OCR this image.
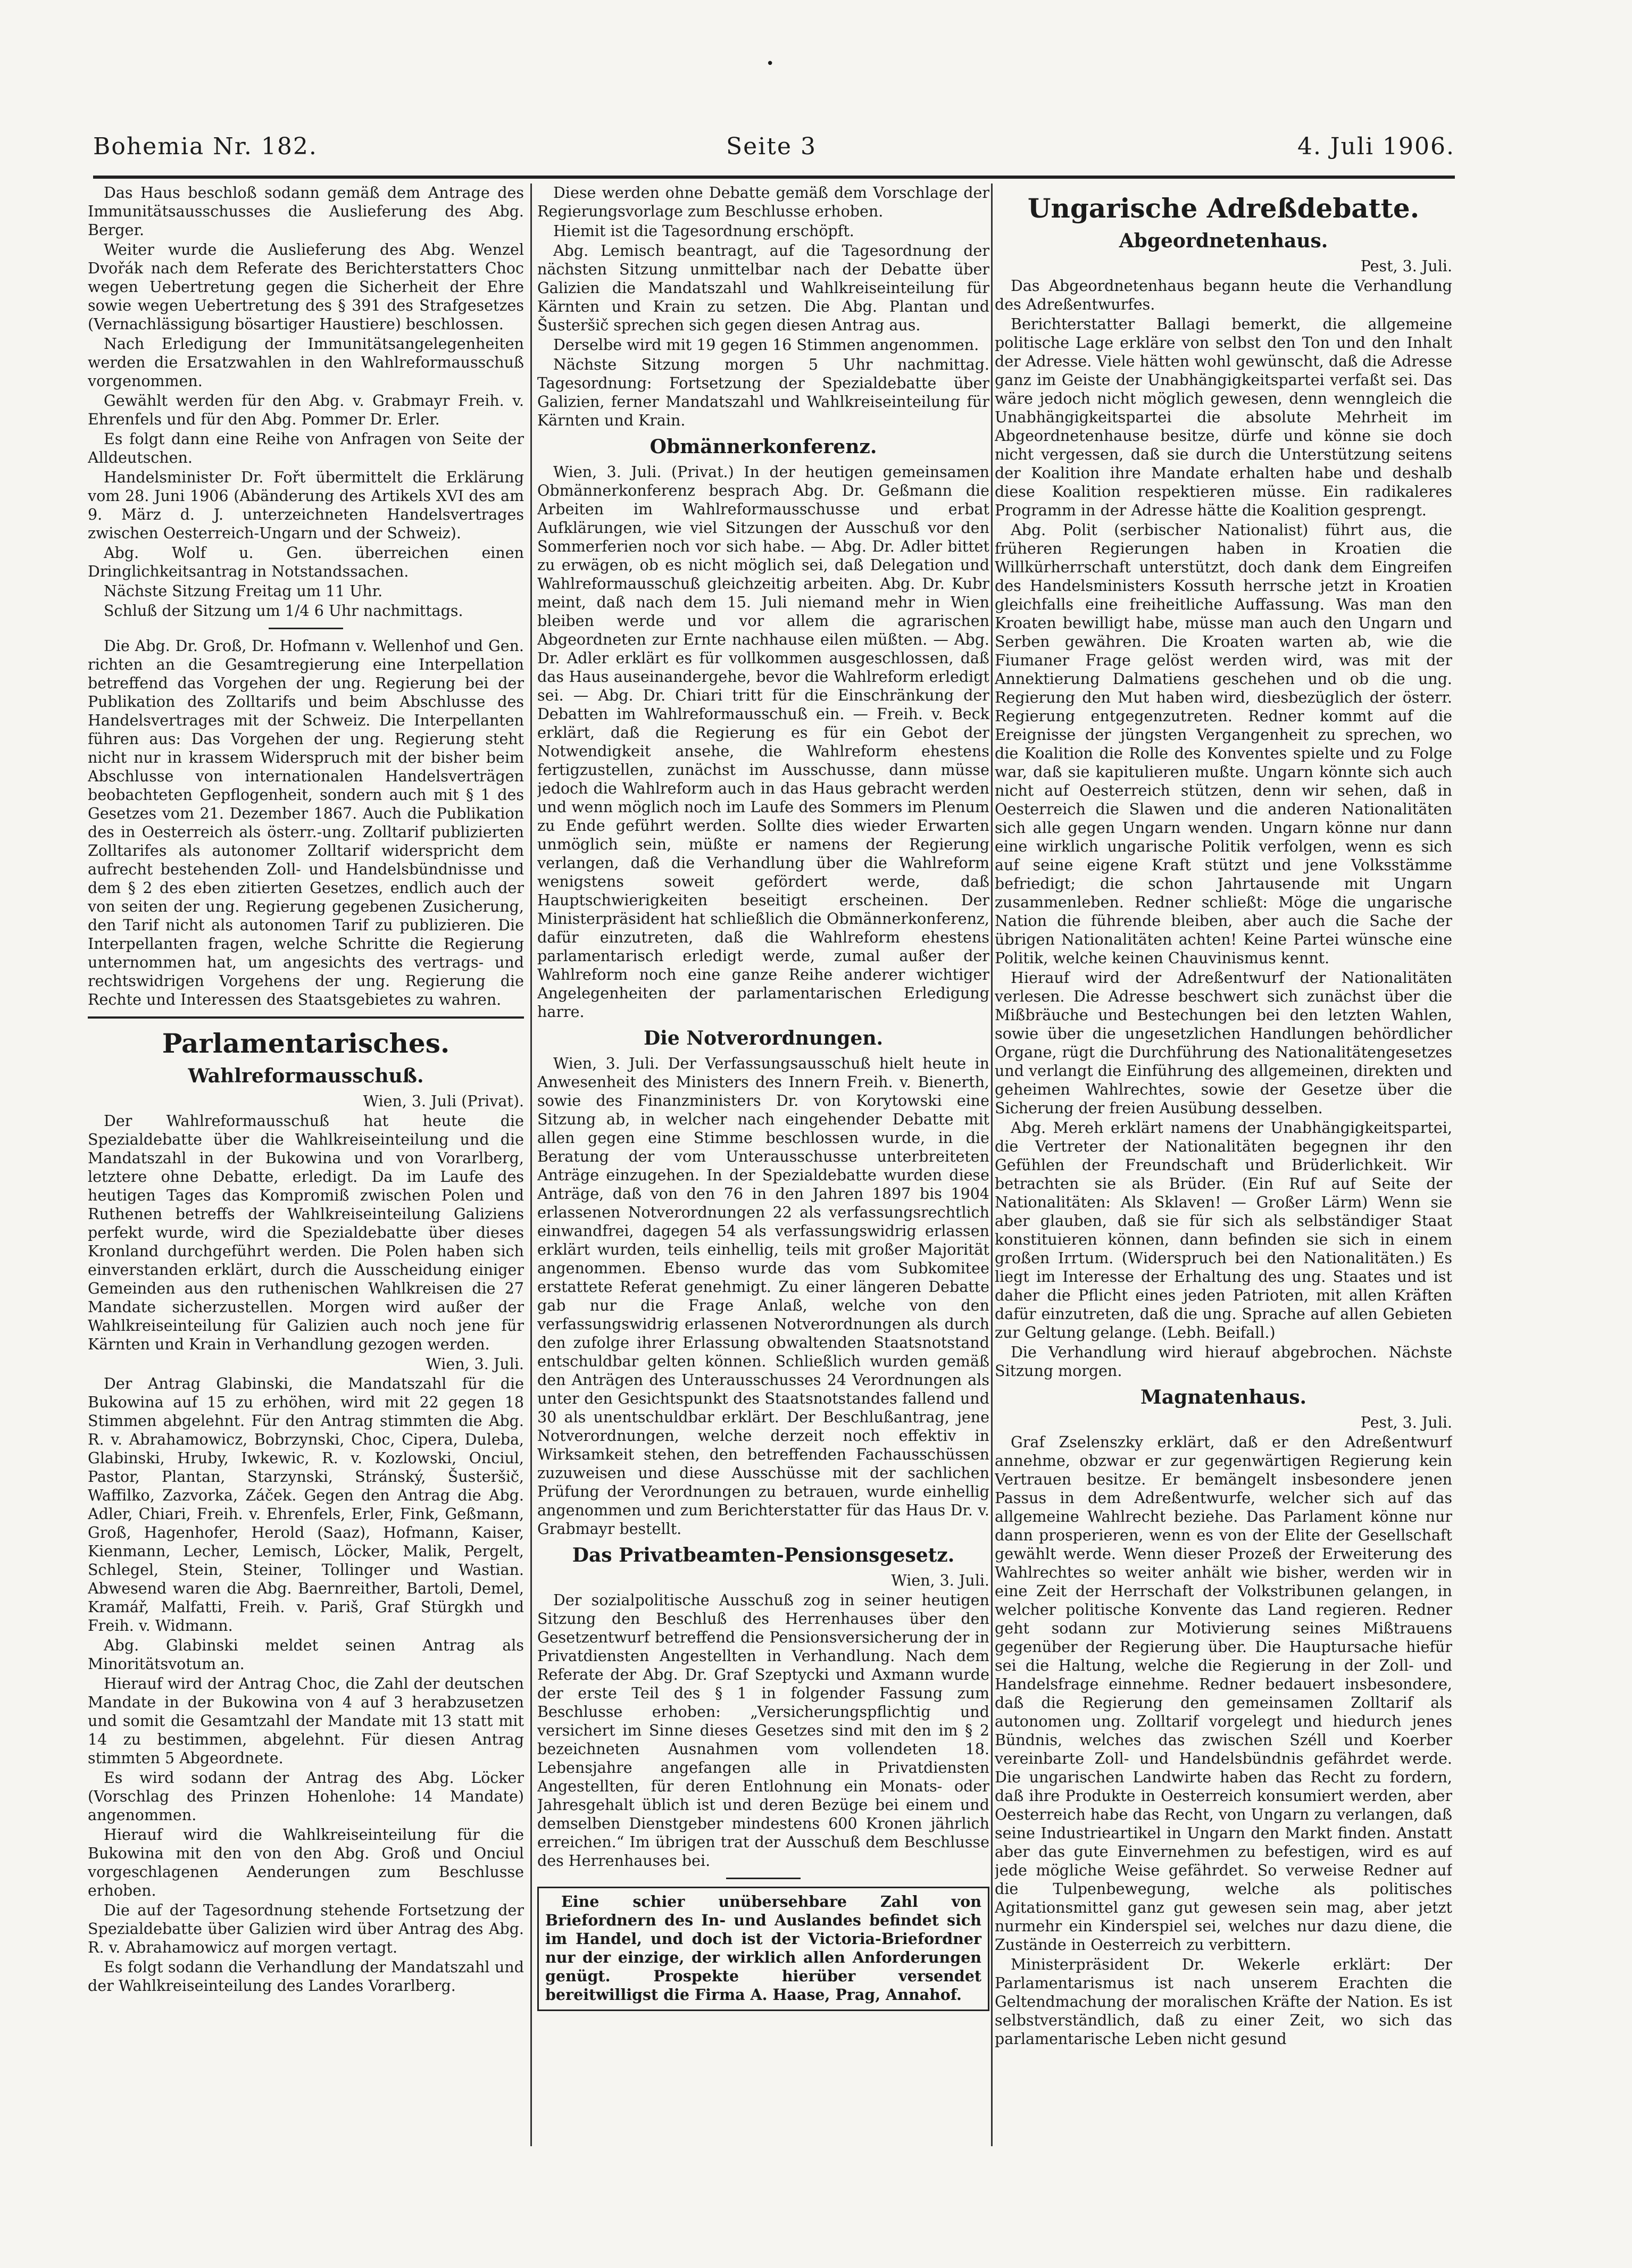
•
Bohemia Nr. 182.	Seite 3	4. Juli 1906.

Das Haus beschloß sodann gemäß dem Antrage des Immunitätsausschusses die Auslieferung des Abg. Berger.

Weiter wurde die Auslieferung des Abg. Wenzel Dvořák nach dem Referate des Berichterstatters Choc wegen Uebertretung gegen die Sicherheit der Ehre sowie wegen Uebertretung des § 391 des Strafgesetzes (Vernachlässigung bösartiger Haustiere) beschlossen.

Nach Erledigung der Immunitätsangelegenheiten werden die Ersatzwahlen in den Wahlreformausschuß vorgenommen.

Gewählt werden für den Abg. v. Grabmayr Freih. v. Ehrenfels und für den Abg. Pommer Dr. Erler.

Es folgt dann eine Reihe von Anfragen von Seite der Alldeutschen.

Handelsminister Dr. Fořt übermittelt die Erklärung vom 28. Juni 1906 (Abänderung des Artikels XVI des am 9. März d. J. unterzeichneten Handelsvertrages zwischen Oesterreich-Ungarn und der Schweiz).

Abg. Wolf u. Gen. überreichen einen Dringlichkeitsantrag in Notstandssachen.

Nächste Sitzung Freitag um 11 Uhr.

Schluß der Sitzung um 1/4 6 Uhr nachmittags.

Die Abg. Dr. Groß, Dr. Hofmann v. Wellenhof und Gen. richten an die Gesamtregierung eine Interpellation betreffend das Vorgehen der ung. Regierung bei der Publikation des Zolltarifs und beim Abschlusse des Handelsvertrages mit der Schweiz. Die Interpellanten führen aus: Das Vorgehen der ung. Regierung steht nicht nur in krassem Widerspruch mit der bisher beim Abschlusse von internationalen Handelsverträgen beobachteten Gepflogenheit, sondern auch mit § 1 des Gesetzes vom 21. Dezember 1867. Auch die Publikation des in Oesterreich als österr.-ung. Zolltarif publizierten Zolltarifes als autonomer Zolltarif widerspricht dem aufrecht bestehenden Zoll- und Handelsbündnisse und dem § 2 des eben zitierten Gesetzes, endlich auch der von seiten der ung. Regierung gegebenen Zusicherung, den Tarif nicht als autonomen Tarif zu publizieren. Die Interpellanten fragen, welche Schritte die Regierung unternommen hat, um angesichts des vertrags- und rechtswidrigen Vorgehens der ung. Regierung die Rechte und Interessen des Staatsgebietes zu wahren.

Parlamentarisches.
Wahlreformausschuß.

Wien, 3. Juli (Privat).

Der Wahlreformausschuß hat heute die Spezialdebatte über die Wahlkreiseinteilung und die Mandatszahl in der Bukowina und von Vorarlberg, letztere ohne Debatte, erledigt. Da im Laufe des heutigen Tages das Kompromiß zwischen Polen und Ruthenen betreffs der Wahlkreiseinteilung Galiziens perfekt wurde, wird die Spezialdebatte über dieses Kronland durchgeführt werden. Die Polen haben sich einverstanden erklärt, durch die Ausscheidung einiger Gemeinden aus den ruthenischen Wahlkreisen die 27 Mandate sicherzustellen. Morgen wird außer der Wahlkreiseinteilung für Galizien auch noch jene für Kärnten und Krain in Verhandlung gezogen werden.

Wien, 3. Juli.

Der Antrag Glabinski, die Mandatszahl für die Bukowina auf 15 zu erhöhen, wird mit 22 gegen 18 Stimmen abgelehnt. Für den Antrag stimmten die Abg. R. v. Abrahamowicz, Bobrzynski, Choc, Ciperа, Duleba, Glabinski, Hruby, Iwkewic, R. v. Kozlowski, Onciul, Pastor, Plantan, Starzynski, Stránský, Šusteršič, Waffilko, Zazvorka, Záček. Gegen den Antrag die Abg. Adler, Chiari, Freih. v. Ehrenfels, Erler, Fink, Geßmann, Groß, Hagenhofer, Herold (Saaz), Hofmann, Kaiser, Kienmann, Lecher, Lemisch, Löcker, Malik, Pergelt, Schlegel, Stein, Steiner, Tollinger und Wastian. Abwesend waren die Abg. Baernreither, Bartoli, Demel, Kramář, Malfatti, Freih. v. Pariš, Graf Stürgkh und Freih. v. Widmann.

Abg. Glabinski meldet seinen Antrag als Minoritätsvotum an.

Hierauf wird der Antrag Choc, die Zahl der deutschen Mandate in der Bukowina von 4 auf 3 herabzusetzen und somit die Gesamtzahl der Mandate mit 13 statt mit 14 zu bestimmen, abgelehnt. Für diesen Antrag stimmten 5 Abgeordnete.

Es wird sodann der Antrag des Abg. Löcker (Vorschlag des Prinzen Hohenlohe: 14 Mandate) angenommen.

Hierauf wird die Wahlkreiseinteilung für die Bukowina mit den von den Abg. Groß und Onciul vorgeschlagenen Aenderungen zum Beschlusse erhoben.

Die auf der Tagesordnung stehende Fortsetzung der Spezialdebatte über Galizien wird über Antrag des Abg. R. v. Abrahamowicz auf morgen vertagt.

Es folgt sodann die Verhandlung der Mandatszahl und der Wahlkreiseinteilung des Landes Vorarlberg.

Diese werden ohne Debatte gemäß dem Vorschlage der Regierungsvorlage zum Beschlusse erhoben.

Hiemit ist die Tagesordnung erschöpft.

Abg. Lemisch beantragt, auf die Tagesordnung der nächsten Sitzung unmittelbar nach der Debatte über Galizien die Mandatszahl und Wahlkreiseinteilung für Kärnten und Krain zu setzen. Die Abg. Plantan und Šusteršič sprechen sich gegen diesen Antrag aus.

Derselbe wird mit 19 gegen 16 Stimmen angenommen.

Nächste Sitzung morgen 5 Uhr nachmittag. Tagesordnung: Fortsetzung der Spezialdebatte über Galizien, ferner Mandatszahl und Wahlkreiseinteilung für Kärnten und Krain.

Obmännerkonferenz.

Wien, 3. Juli. (Privat.) In der heutigen gemeinsamen Obmännerkonferenz besprach Abg. Dr. Geßmann die Arbeiten im Wahlreformausschusse und erbat Aufklärungen, wie viel Sitzungen der Ausschuß vor den Sommerferien noch vor sich habe. — Abg. Dr. Adler bittet zu erwägen, ob es nicht möglich sei, daß Delegation und Wahlreformausschuß gleichzeitig arbeiten. Abg. Dr. Kubr meint, daß nach dem 15. Juli niemand mehr in Wien bleiben werde und vor allem die agrarischen Abgeordneten zur Ernte nachhause eilen müßten. — Abg. Dr. Adler erklärt es für vollkommen ausgeschlossen, daß das Haus auseinandergehe, bevor die Wahlreform erledigt sei. — Abg. Dr. Chiari tritt für die Einschränkung der Debatten im Wahlreformausschuß ein. — Freih. v. Beck erklärt, daß die Regierung es für ein Gebot der Notwendigkeit ansehe, die Wahlreform ehestens fertigzustellen, zunächst im Ausschusse, dann müsse jedoch die Wahlreform auch in das Haus gebracht werden und wenn möglich noch im Laufe des Sommers im Plenum zu Ende geführt werden. Sollte dies wieder Erwarten unmöglich sein, müßte er namens der Regierung verlangen, daß die Verhandlung über die Wahlreform wenigstens soweit gefördert werde, daß Hauptschwierigkeiten beseitigt erscheinen. Der Ministerpräsident hat schließlich die Obmännerkonferenz, dafür einzutreten, daß die Wahlreform ehestens parlamentarisch erledigt werde, zumal außer der Wahlreform noch eine ganze Reihe anderer wichtiger Angelegenheiten der parlamentarischen Erledigung harre.

Die Notverordnungen.

Wien, 3. Juli. Der Verfassungsausschuß hielt heute in Anwesenheit des Ministers des Innern Freih. v. Bienerth, sowie des Finanzministers Dr. von Korytowski eine Sitzung ab, in welcher nach eingehender Debatte mit allen gegen eine Stimme beschlossen wurde, in die Beratung der vom Unterausschusse unterbreiteten Anträge einzugehen. In der Spezialdebatte wurden diese Anträge, daß von den 76 in den Jahren 1897 bis 1904 erlassenen Notverordnungen 22 als verfassungsrechtlich einwandfrei, dagegen 54 als verfassungswidrig erlassen erklärt wurden, teils einhellig, teils mit großer Majorität angenommen. Ebenso wurde das vom Subkomitee erstattete Referat genehmigt. Zu einer längeren Debatte gab nur die Frage Anlaß, welche von den verfassungswidrig erlassenen Notverordnungen als durch den zufolge ihrer Erlassung obwaltenden Staatsnotstand entschuldbar gelten können. Schließlich wurden gemäß den Anträgen des Unterausschusses 24 Verordnungen als unter den Gesichtspunkt des Staatsnotstandes fallend und 30 als unentschuldbar erklärt. Der Beschlußantrag, jene Notverordnungen, welche derzeit noch effektiv in Wirksamkeit stehen, den betreffenden Fachausschüssen zuzuweisen und diese Ausschüsse mit der sachlichen Prüfung der Verordnungen zu betrauen, wurde einhellig angenommen und zum Berichterstatter für das Haus Dr. v. Grabmayr bestellt.

Das Privatbeamten-Pensionsgesetz.

Wien, 3. Juli.

Der sozialpolitische Ausschuß zog in seiner heutigen Sitzung den Beschluß des Herrenhauses über den Gesetzentwurf betreffend die Pensionsversicherung der in Privatdiensten Angestellten in Verhandlung. Nach dem Referate der Abg. Dr. Graf Szeptycki und Axmann wurde der erste Teil des § 1 in folgender Fassung zum Beschlusse erhoben: „Versicherungspflichtig und versichert im Sinne dieses Gesetzes sind mit den im § 2 bezeichneten Ausnahmen vom vollendeten 18. Lebensjahre angefangen alle in Privatdiensten Angestellten, für deren Entlohnung ein Monats- oder Jahresgehalt üblich ist und deren Bezüge bei einem und demselben Dienstgeber mindestens 600 Kronen jährlich erreichen.“ Im übrigen trat der Ausschuß dem Beschlusse des Herrenhauses bei.

Eine schier unübersehbare Zahl von Briefordnern des In- und Auslandes befindet sich im Handel, und doch ist der Victoria-Briefordner nur der einzige, der wirklich allen Anforderungen genügt. Prospekte hierüber versendet bereitwilligst die Firma A. Haase, Prag, Annahof.

Ungarische Adreßdebatte.
Abgeordnetenhaus.

Pest, 3. Juli.

Das Abgeordnetenhaus begann heute die Verhandlung des Adreßentwurfes.

Berichterstatter Ballagi bemerkt, die allgemeine politische Lage erkläre von selbst den Ton und den Inhalt der Adresse. Viele hätten wohl gewünscht, daß die Adresse ganz im Geiste der Unabhängigkeitspartei verfaßt sei. Das wäre jedoch nicht möglich gewesen, denn wenngleich die Unabhängigkeitspartei die absolute Mehrheit im Abgeordnetenhause besitze, dürfe und könne sie doch nicht vergessen, daß sie durch die Unterstützung seitens der Koalition ihre Mandate erhalten habe und deshalb diese Koalition respektieren müsse. Ein radikaleres Programm in der Adresse hätte die Koalition gesprengt.

Abg. Polit (serbischer Nationalist) führt aus, die früheren Regierungen haben in Kroatien die Willkürherrschaft unterstützt, doch dank dem Eingreifen des Handelsministers Kossuth herrsche jetzt in Kroatien gleichfalls eine freiheitliche Auffassung. Was man den Kroaten bewilligt habe, müsse man auch den Ungarn und Serben gewähren. Die Kroaten warten ab, wie die Fiumaner Frage gelöst werden wird, was mit der Annektierung Dalmatiens geschehen und ob die ung. Regierung den Mut haben wird, diesbezüglich der österr. Regierung entgegenzutreten. Redner kommt auf die Ereignisse der jüngsten Vergangenheit zu sprechen, wo die Koalition die Rolle des Konventes spielte und zu Folge war, daß sie kapitulieren mußte. Ungarn könnte sich auch nicht auf Oesterreich stützen, denn wir sehen, daß in Oesterreich die Slawen und die anderen Nationalitäten sich alle gegen Ungarn wenden. Ungarn könne nur dann eine wirklich ungarische Politik verfolgen, wenn es sich auf seine eigene Kraft stützt und jene Volksstämme befriedigt; die schon Jahrtausende mit Ungarn zusammenleben. Redner schließt: Möge die ungarische Nation die führende bleiben, aber auch die Sache der übrigen Nationalitäten achten! Keine Partei wünsche eine Politik, welche keinen Chauvinismus kennt.

Hierauf wird der Adreßentwurf der Nationalitäten verlesen. Die Adresse beschwert sich zunächst über die Mißbräuche und Bestechungen bei den letzten Wahlen, sowie über die ungesetzlichen Handlungen behördlicher Organe, rügt die Durchführung des Nationalitätengesetzes und verlangt die Einführung des allgemeinen, direkten und geheimen Wahlrechtes, sowie der Gesetze über die Sicherung der freien Ausübung desselben.

Abg. Mereh erklärt namens der Unabhängigkeitspartei, die Vertreter der Nationalitäten begegnen ihr den Gefühlen der Freundschaft und Brüderlichkeit. Wir betrachten sie als Brüder. (Ein Ruf auf Seite der Nationalitäten: Als Sklaven! — Großer Lärm) Wenn sie aber glauben, daß sie für sich als selbständiger Staat konstituieren können, dann befinden sie sich in einem großen Irrtum. (Widerspruch bei den Nationalitäten.) Es liegt im Interesse der Erhaltung des ung. Staates und ist daher die Pflicht eines jeden Patrioten, mit allen Kräften dafür einzutreten, daß die ung. Sprache auf allen Gebieten zur Geltung gelange. (Lebh. Beifall.)

Die Verhandlung wird hierauf abgebrochen. Nächste Sitzung morgen.

Magnatenhaus.

Pest, 3. Juli.

Graf Zselenszky erklärt, daß er den Adreßentwurf annehme, obzwar er zur gegenwärtigen Regierung kein Vertrauen besitze. Er bemängelt insbesondere jenen Passus in dem Adreßentwurfe, welcher sich auf das allgemeine Wahlrecht beziehe. Das Parlament könne nur dann prosperieren, wenn es von der Elite der Gesellschaft gewählt werde. Wenn dieser Prozeß der Erweiterung des Wahlrechtes so weiter anhält wie bisher, werden wir in eine Zeit der Herrschaft der Volkstribunen gelangen, in welcher politische Konvente das Land regieren. Redner geht sodann zur Motivierung seines Mißtrauens gegenüber der Regierung über. Die Hauptursache hiefür sei die Haltung, welche die Regierung in der Zoll- und Handelsfrage einnehme. Redner bedauert insbesondere, daß die Regierung den gemeinsamen Zolltarif als autonomen ung. Zolltarif vorgelegt und hiedurch jenes Bündnis, welches das zwischen Széll und Koerber vereinbarte Zoll- und Handelsbündnis gefährdet werde. Die ungarischen Landwirte haben das Recht zu fordern, daß ihre Produkte in Oesterreich konsumiert werden, aber Oesterreich habe das Recht, von Ungarn zu verlangen, daß seine Industrieartikel in Ungarn den Markt finden. Anstatt aber das gute Einvernehmen zu befestigen, wird es auf jede mögliche Weise gefährdet. So verweise Redner auf die Tulpenbewegung, welche als politisches Agitationsmittel ganz gut gewesen sein mag, aber jetzt nurmehr ein Kinderspiel sei, welches nur dazu diene, die Zustände in Oesterreich zu verbittern.

Ministerpräsident Dr. Wekerle erklärt: Der Parlamentarismus ist nach unserem Erachten die Geltendmachung der moralischen Kräfte der Nation. Es ist selbstverständlich, daß zu einer Zeit, wo sich das parlamentarische Leben nicht gesund
